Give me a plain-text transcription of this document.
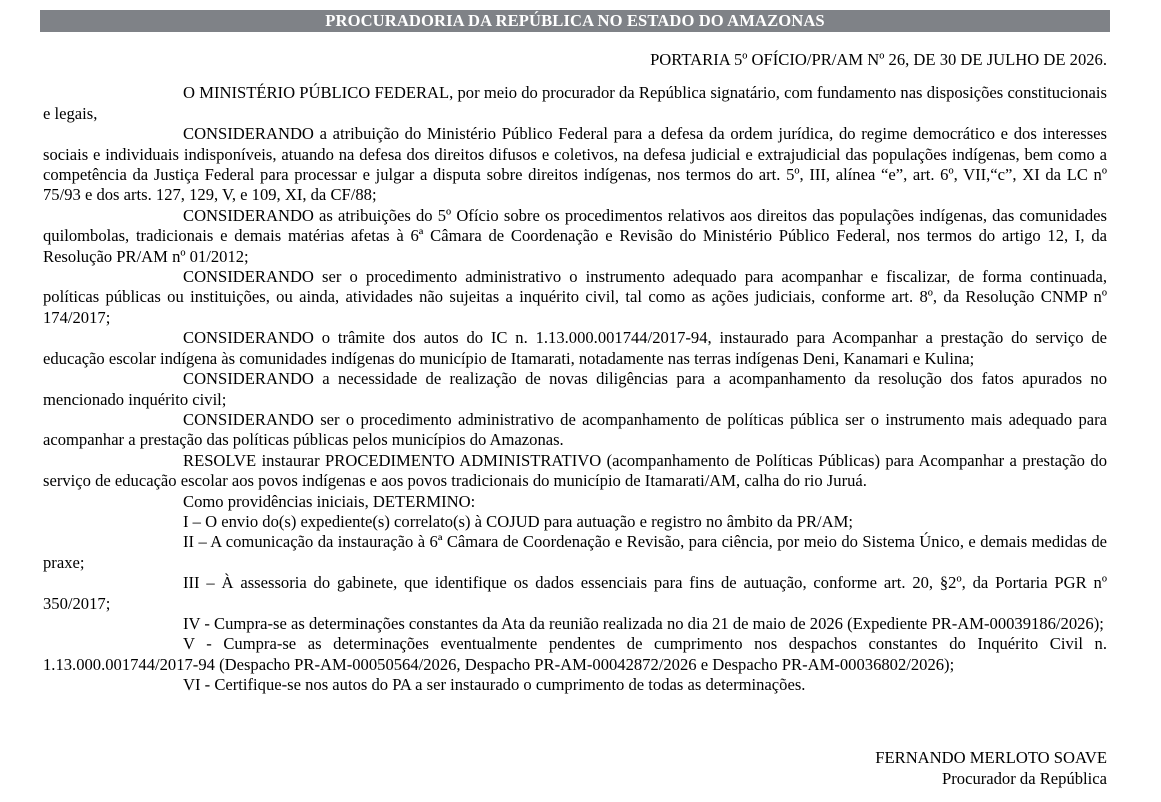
PROCURADORIA DA REPÚBLICA NO ESTADO DO AMAZONAS
PORTARIA 5º OFÍCIO/PR/AM Nº 26, DE 30 DE JULHO DE 2026.

O MINISTÉRIO PÚBLICO FEDERAL, por meio do procurador da República signatário, com fundamento nas disposições constitucionais e legais,

CONSIDERANDO a atribuição do Ministério Público Federal para a defesa da ordem jurídica, do regime democrático e dos interesses sociais e individuais indisponíveis, atuando na defesa dos direitos difusos e coletivos, na defesa judicial e extrajudicial das populações indígenas, bem como a competência da Justiça Federal para processar e julgar a disputa sobre direitos indígenas, nos termos do art. 5º, III, alínea “e”, art. 6º, VII,“c”, XI da LC nº 75/93 e dos arts. 127, 129, V, e 109, XI, da CF/88;

CONSIDERANDO as atribuições do 5º Ofício sobre os procedimentos relativos aos direitos das populações indígenas, das comunidades quilombolas, tradicionais e demais matérias afetas à 6ª Câmara de Coordenação e Revisão do Ministério Público Federal, nos termos do artigo 12, I, da Resolução PR/AM nº 01/2012;

CONSIDERANDO ser o procedimento administrativo o instrumento adequado para acompanhar e fiscalizar, de forma continuada, políticas públicas ou instituições, ou ainda, atividades não sujeitas a inquérito civil, tal como as ações judiciais, conforme art. 8º, da Resolução CNMP nº 174/2017;

CONSIDERANDO o trâmite dos autos do IC n. 1.13.000.001744/2017-94, instaurado para Acompanhar a prestação do serviço de educação escolar indígena às comunidades indígenas do município de Itamarati, notadamente nas terras indígenas Deni, Kanamari e Kulina;

CONSIDERANDO a necessidade de realização de novas diligências para a acompanhamento da resolução dos fatos apurados no mencionado inquérito civil;

CONSIDERANDO ser o procedimento administrativo de acompanhamento de políticas pública ser o instrumento mais adequado para acompanhar a prestação das políticas públicas pelos municípios do Amazonas.

RESOLVE instaurar PROCEDIMENTO ADMINISTRATIVO (acompanhamento de Políticas Públicas) para Acompanhar a prestação do serviço de educação escolar aos povos indígenas e aos povos tradicionais do município de Itamarati/AM, calha do rio Juruá.

Como providências iniciais, DETERMINO:

I – O envio do(s) expediente(s) correlato(s) à COJUD para autuação e registro no âmbito da PR/AM;

II – A comunicação da instauração à 6ª Câmara de Coordenação e Revisão, para ciência, por meio do Sistema Único, e demais medidas de praxe;

III – À assessoria do gabinete, que identifique os dados essenciais para fins de autuação, conforme art. 20, §2º, da Portaria PGR nº 350/2017;

IV - Cumpra-se as determinações constantes da Ata da reunião realizada no dia 21 de maio de 2026 (Expediente PR-AM-00039186/2026);

V - Cumpra-se as determinações eventualmente pendentes de cumprimento nos despachos constantes do Inquérito Civil n. 1.13.000.001744/2017-94 (Despacho PR-AM-00050564/2026, Despacho PR-AM-00042872/2026 e Despacho PR-AM-00036802/2026);

VI - Certifique-se nos autos do PA a ser instaurado o cumprimento de todas as determinações.

FERNANDO MERLOTO SOAVE
Procurador da República
